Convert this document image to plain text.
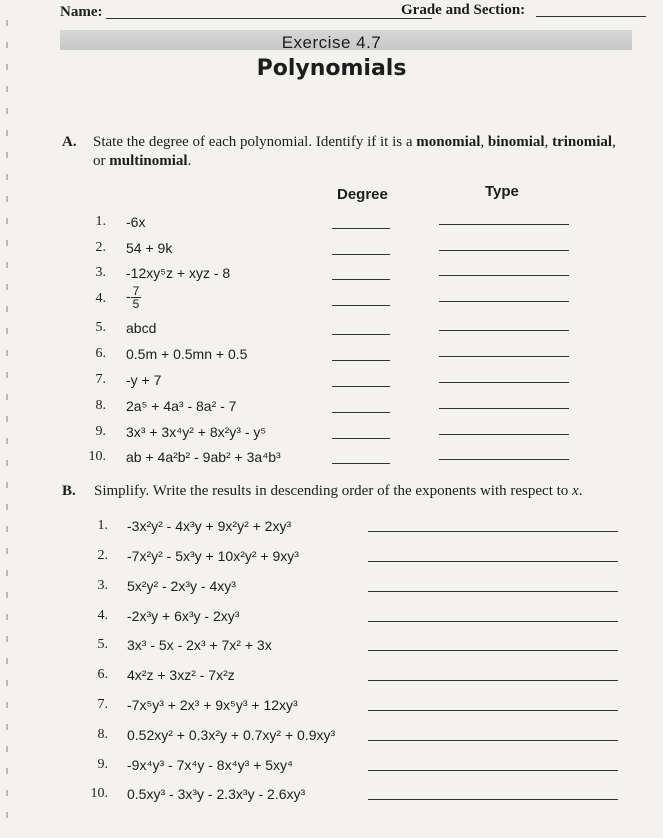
Name:	Grade and Section:
Exercise 4.7
Polynomials
A. State the degree of each polynomial. Identify if it is a monomial, binomial, trinomial,
or multinomial.
Degree	Type
1. -6x
2. 54 + 9k
3. -12xy⁵z + xyz - 8
4. - $\frac{7}{5}$
5. abcd
6. 0.5m + 0.5mn + 0.5
7. -y + 7
8. 2a⁵ + 4a³ - 8a² - 7
9. 3x³ + 3x⁴y² + 8x²y³ - y⁵
10. ab + 4a²b² - 9ab² + 3a⁴b³
B. Simplify. Write the results in descending order of the exponents with respect to x.
1. -3x²y² - 4x³y + 9x²y² + 2xy³
2. -7x²y² - 5x³y + 10x²y² + 9xy³
3. 5x²y² - 2x³y - 4xy³
4. -2x³y + 6x³y - 2xy³
5. 3x³ - 5x - 2x³ + 7x² + 3x
6. 4x²z + 3xz² - 7x²z
7. -7x⁵y³ + 2x³ + 9x⁵y³ + 12xy³
8. 0.52xy² + 0.3x²y + 0.7xy² + 0.9xy³
9. -9x⁴y³ - 7x⁴y - 8x⁴y³ + 5xy⁴
10. 0.5xy³ - 3x³y - 2.3x³y - 2.6xy³
